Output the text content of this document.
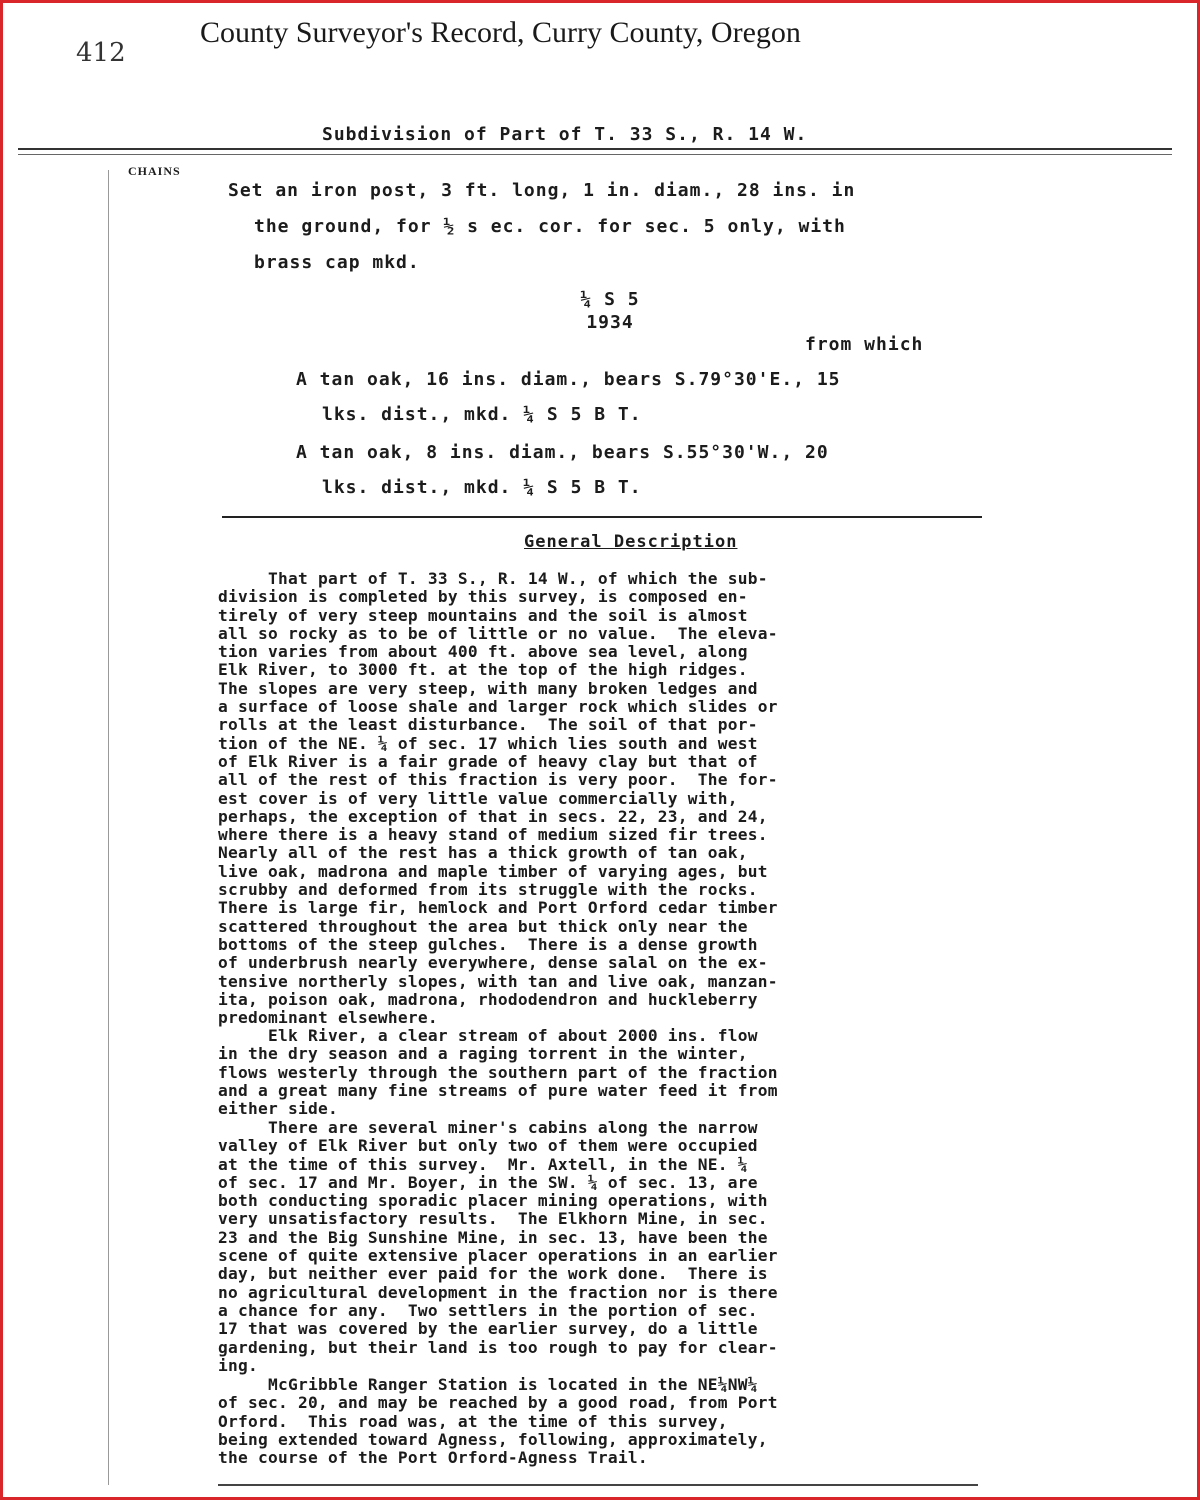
412
County Surveyor's Record, Curry County, Oregon
Subdivision of Part of T. 33 S., R. 14 W.
CHAINS
Set an iron post, 3 ft. long, 1 in. diam., 28 ins. in
the ground, for ½ s ec. cor. for sec. 5 only, with
brass cap mkd.
¼ S 5
1934
from which
A tan oak, 16 ins. diam., bears S.79°30'E., 15
lks. dist., mkd. ¼ S 5 B T.
A tan oak, 8 ins. diam., bears S.55°30'W., 20
lks. dist., mkd. ¼ S 5 B T.
General Description
That part of T. 33 S., R. 14 W., of which the sub-
division is completed by this survey, is composed en-
tirely of very steep mountains and the soil is almost
all so rocky as to be of little or no value.  The eleva-
tion varies from about 400 ft. above sea level, along
Elk River, to 3000 ft. at the top of the high ridges.
The slopes are very steep, with many broken ledges and
a surface of loose shale and larger rock which slides or
rolls at the least disturbance.  The soil of that por-
tion of the NE. ¼ of sec. 17 which lies south and west
of Elk River is a fair grade of heavy clay but that of
all of the rest of this fraction is very poor.  The for-
est cover is of very little value commercially with,
perhaps, the exception of that in secs. 22, 23, and 24,
where there is a heavy stand of medium sized fir trees.
Nearly all of the rest has a thick growth of tan oak,
live oak, madrona and maple timber of varying ages, but
scrubby and deformed from its struggle with the rocks.
There is large fir, hemlock and Port Orford cedar timber
scattered throughout the area but thick only near the
bottoms of the steep gulches.  There is a dense growth
of underbrush nearly everywhere, dense salal on the ex-
tensive northerly slopes, with tan and live oak, manzan-
ita, poison oak, madrona, rhododendron and huckleberry
predominant elsewhere.
Elk River, a clear stream of about 2000 ins. flow
in the dry season and a raging torrent in the winter,
flows westerly through the southern part of the fraction
and a great many fine streams of pure water feed it from
either side.
There are several miner's cabins along the narrow
valley of Elk River but only two of them were occupied
at the time of this survey.  Mr. Axtell, in the NE. ¼
of sec. 17 and Mr. Boyer, in the SW. ¼ of sec. 13, are
both conducting sporadic placer mining operations, with
very unsatisfactory results.  The Elkhorn Mine, in sec.
23 and the Big Sunshine Mine, in sec. 13, have been the
scene of quite extensive placer operations in an earlier
day, but neither ever paid for the work done.  There is
no agricultural development in the fraction nor is there
a chance for any.  Two settlers in the portion of sec.
17 that was covered by the earlier survey, do a little
gardening, but their land is too rough to pay for clear-
ing.
McGribble Ranger Station is located in the NE¼NW¼
of sec. 20, and may be reached by a good road, from Port
Orford.  This road was, at the time of this survey,
being extended toward Agness, following, approximately,
the course of the Port Orford-Agness Trail.
